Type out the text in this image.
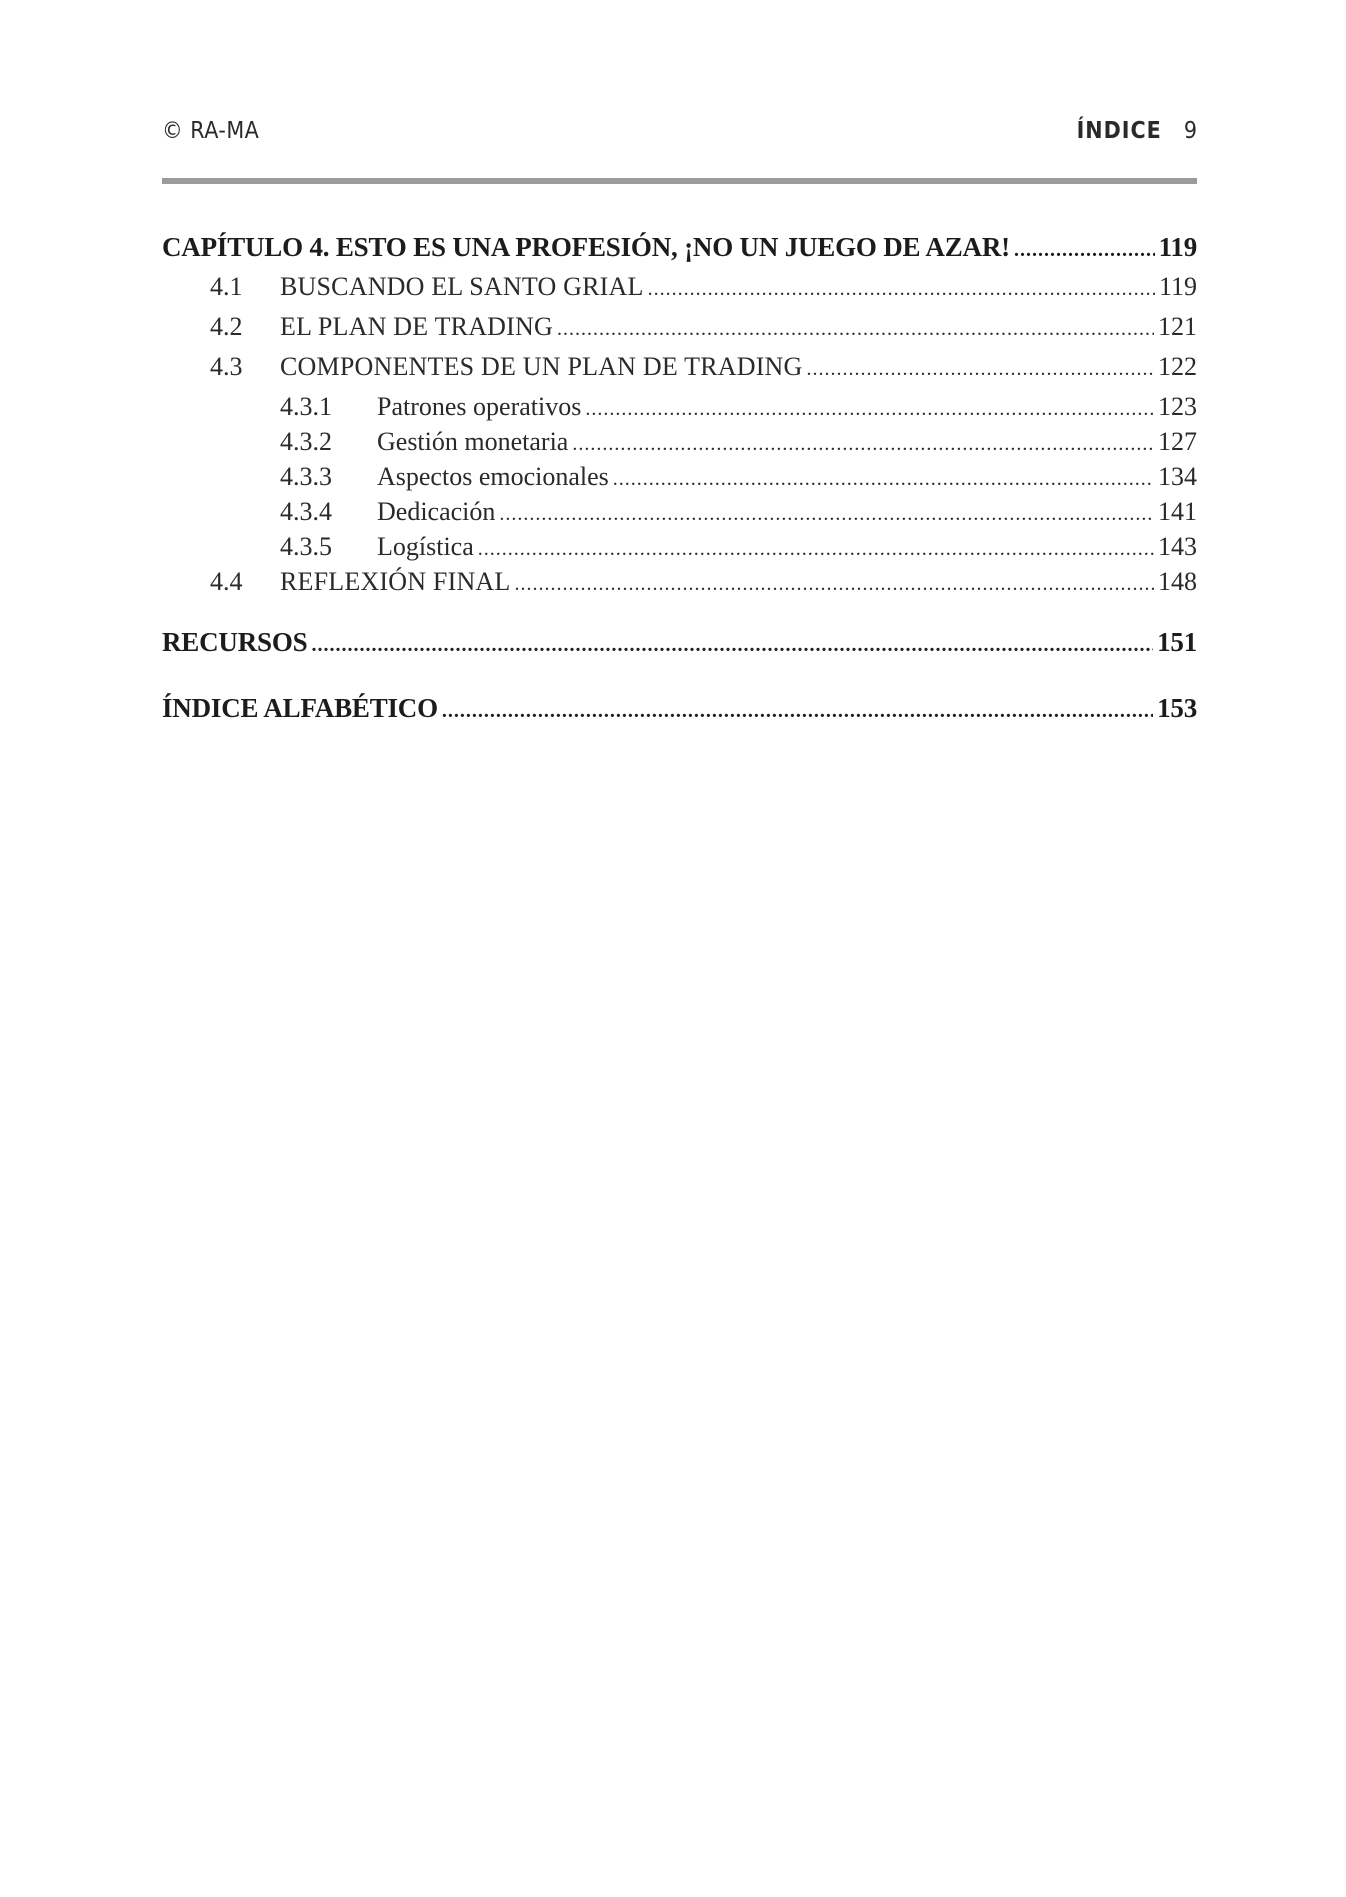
© RA-MA	ÍNDICE 9
CAPÍTULO 4. ESTO ES UNA PROFESIÓN, ¡NO UN JUEGO DE AZAR! .....	119
4.1	BUSCANDO EL SANTO GRIAL .....	119
4.2	EL PLAN DE TRADING .....	121
4.3	COMPONENTES DE UN PLAN DE TRADING .....	122
4.3.1	Patrones operativos .....	123
4.3.2	Gestión monetaria .....	127
4.3.3	Aspectos emocionales .....	134
4.3.4	Dedicación .....	141
4.3.5	Logística .....	143
4.4	REFLEXIÓN FINAL .....	148
RECURSOS .....	151
ÍNDICE ALFABÉTICO .....	153
